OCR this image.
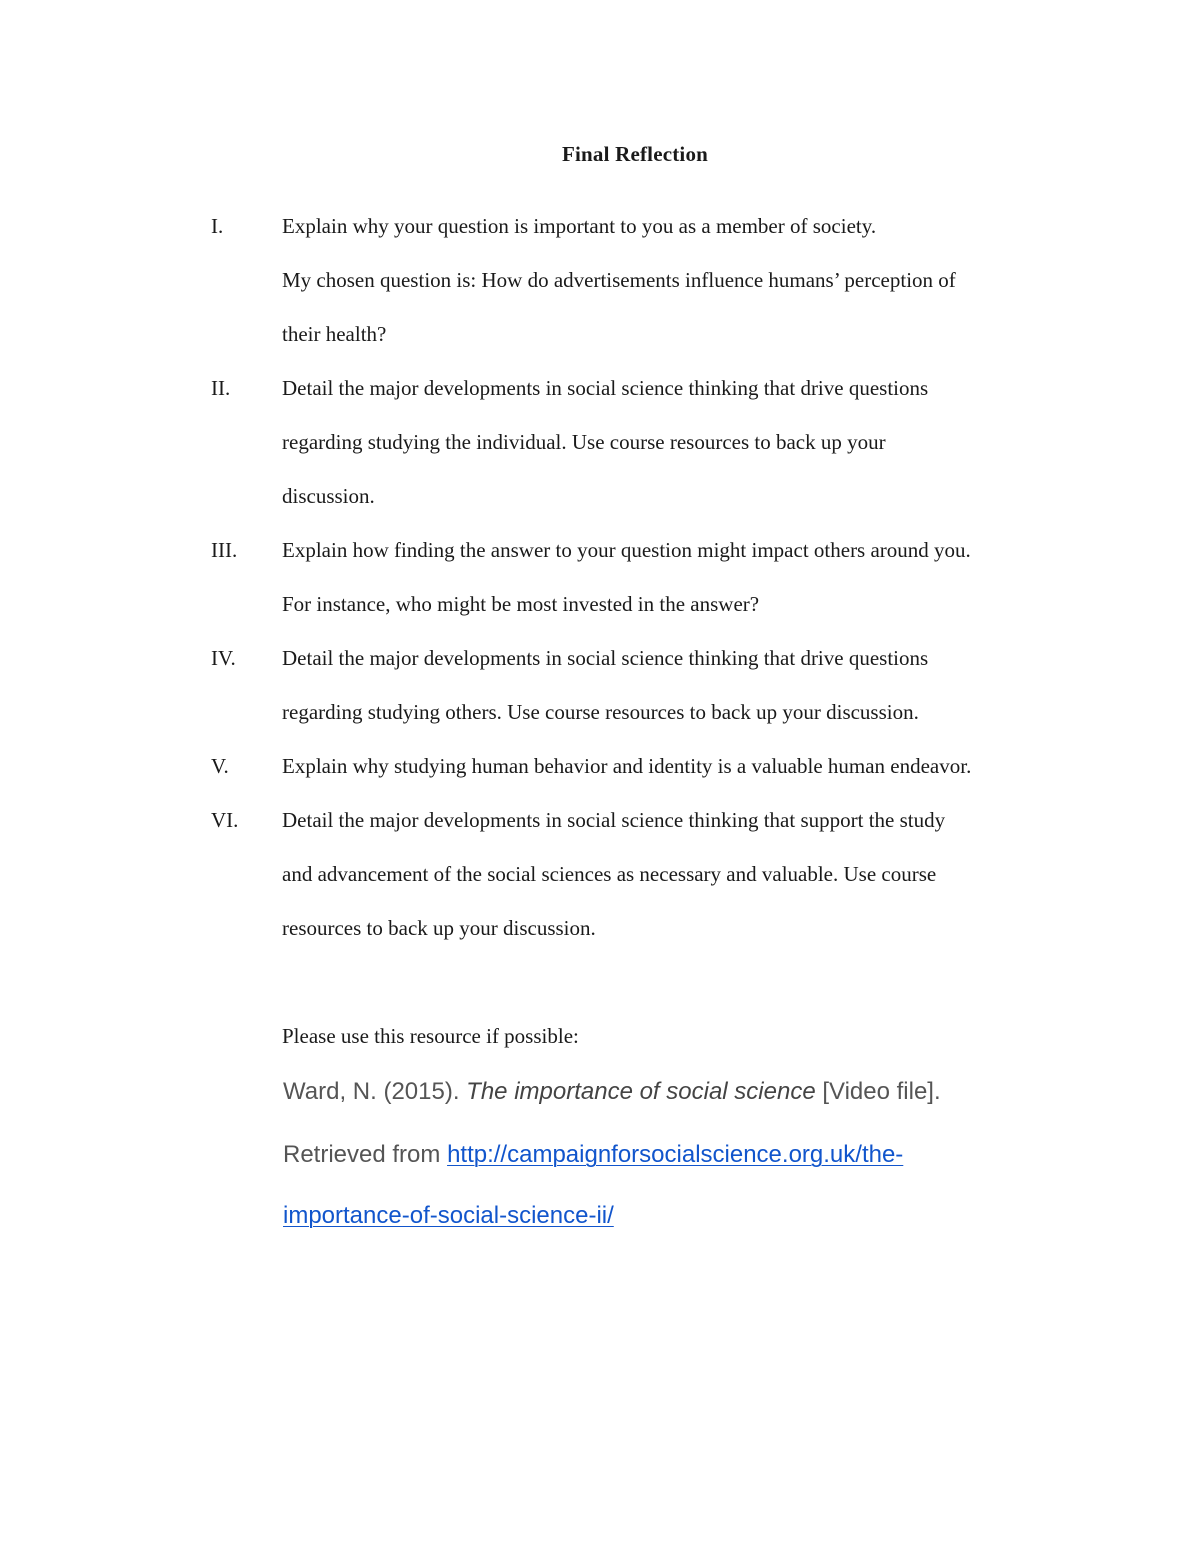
Final Reflection
I.	Explain why your question is important to you as a member of society.
My chosen question is: How do advertisements influence humans’ perception of
their health?
II. Detail the major developments in social science thinking that drive questions
regarding studying the individual. Use course resources to back up your
discussion.
III. Explain how finding the answer to your question might impact others around you.
For instance, who might be most invested in the answer?
IV. Detail the major developments in social science thinking that drive questions
regarding studying others. Use course resources to back up your discussion.
V.	Explain why studying human behavior and identity is a valuable human endeavor.
VI. Detail the major developments in social science thinking that support the study
and advancement of the social sciences as necessary and valuable. Use course
resources to back up your discussion.
Please use this resource if possible:
Ward, N. (2015). The importance of social science [Video file].
Retrieved from http://campaignforsocialscience.org.uk/the-
importance-of-social-science-ii/
